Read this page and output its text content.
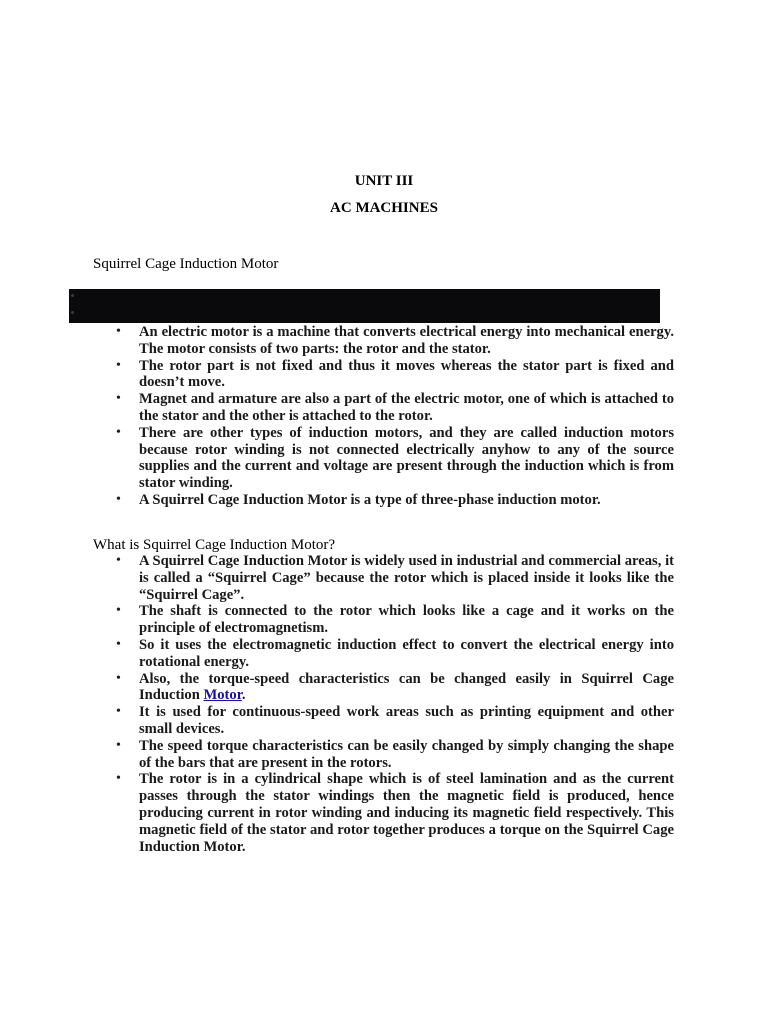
UNIT III
AC MACHINES
Squirrel Cage Induction Motor
• An electric motor is a machine that converts electrical energy into mechanical energy. The motor consists of two parts: the rotor and the stator.
• The rotor part is not fixed and thus it moves whereas the stator part is fixed and doesn’t move.
• Magnet and armature are also a part of the electric motor, one of which is attached to the stator and the other is attached to the rotor.
• There are other types of induction motors, and they are called induction motors because rotor winding is not connected electrically anyhow to any of the source supplies and the current and voltage are present through the induction which is from stator winding.
• A Squirrel Cage Induction Motor is a type of three-phase induction motor.
What is Squirrel Cage Induction Motor?
• A Squirrel Cage Induction Motor is widely used in industrial and commercial areas, it is called a “Squirrel Cage” because the rotor which is placed inside it looks like the “Squirrel Cage”.
• The shaft is connected to the rotor which looks like a cage and it works on the principle of electromagnetism.
• So it uses the electromagnetic induction effect to convert the electrical energy into rotational energy.
• Also, the torque-speed characteristics can be changed easily in Squirrel Cage Induction Motor.
• It is used for continuous-speed work areas such as printing equipment and other small devices.
• The speed torque characteristics can be easily changed by simply changing the shape of the bars that are present in the rotors.
• The rotor is in a cylindrical shape which is of steel lamination and as the current passes through the stator windings then the magnetic field is produced, hence producing current in rotor winding and inducing its magnetic field respectively. This magnetic field of the stator and rotor together produces a torque on the Squirrel Cage Induction Motor.
